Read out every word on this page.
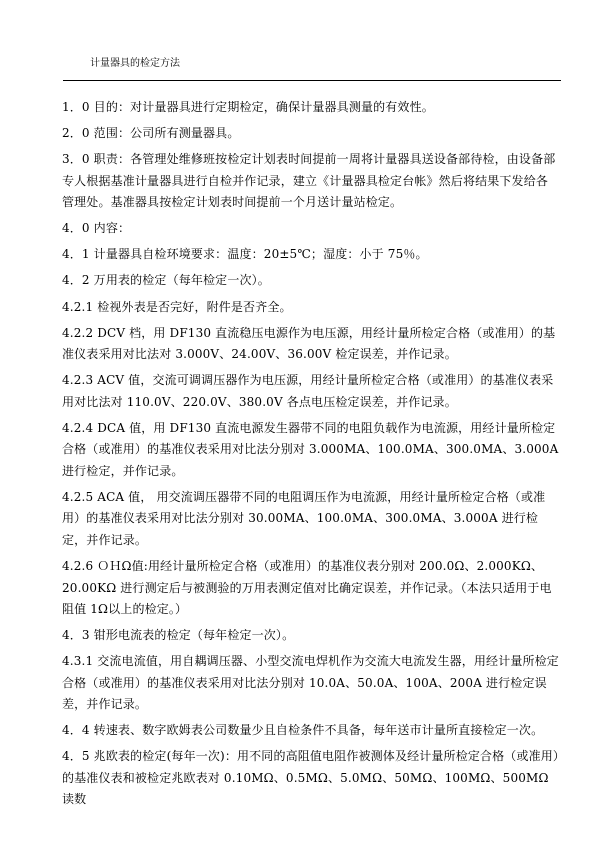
计量器具的检定方法

1．0 目的：对计量器具进行定期检定，确保计量器具测量的有效性。

2．0 范围：公司所有测量器具。

3．0 职责：各管理处维修班按检定计划表时间提前一周将计量器具送设备部待检，由设备部专人根据基准计量器具进行自检并作记录，建立《计量器具检定台帐》然后将结果下发给各管理处。基准器具按检定计划表时间提前一个月送计量站检定。

4．0 内容：

4．1 计量器具自检环境要求：温度：20±5℃；湿度：小于 75％。

4．2 万用表的检定（每年检定一次）。

4.2.1 检视外表是否完好，附件是否齐全。

4.2.2 DCV 档，用 DF130 直流稳压电源作为电压源，用经计量所检定合格（或准用）的基准仪表采用对比法对 3.000V、24.00V、36.00V 检定误差，并作记录。

4.2.3 ACV 值，交流可调调压器作为电压源，用经计量所检定合格（或准用）的基准仪表采用对比法对 110.0V、220.0V、380.0V 各点电压检定误差，并作记录。

4.2.4 DCA 值，用 DF130 直流电源发生器带不同的电阻负载作为电流源，用经计量所检定合格（或准用）的基准仪表采用对比法分别对 3.000MA、100.0MA、300.0MA、3.000A 进行检定，并作记录。

4.2.5 ACA 值， 用交流调压器带不同的电阻调压作为电流源，用经计量所检定合格（或准用）的基准仪表采用对比法分别对 30.00MA、100.0MA、300.0MA、3.000A 进行检定，并作记录。

4.2.6 ＯＨΩ值:用经计量所检定合格（或准用）的基准仪表分别对 200.0Ω、2.000KΩ、20.00KΩ 进行测定后与被测验的万用表测定值对比确定误差，并作记录。（本法只适用于电阻值 1Ω以上的检定。）

4．3 钳形电流表的检定（每年检定一次）。

4.3.1 交流电流值，用自耦调压器、小型交流电焊机作为交流大电流发生器，用经计量所检定合格（或准用）的基准仪表采用对比法分别对 10.0A、50.0A、100A、200A 进行检定误差，并作记录。

4．4 转速表、数字欧姆表公司数量少且自检条件不具备，每年送市计量所直接检定一次。

4．5 兆欧表的检定(每年一次)：用不同的高阻值电阻作被测体及经计量所检定合格（或准用）的基准仪表和被检定兆欧表对 0.10MΩ、0.5MΩ、5.0MΩ、50MΩ、100MΩ、500MΩ读数
